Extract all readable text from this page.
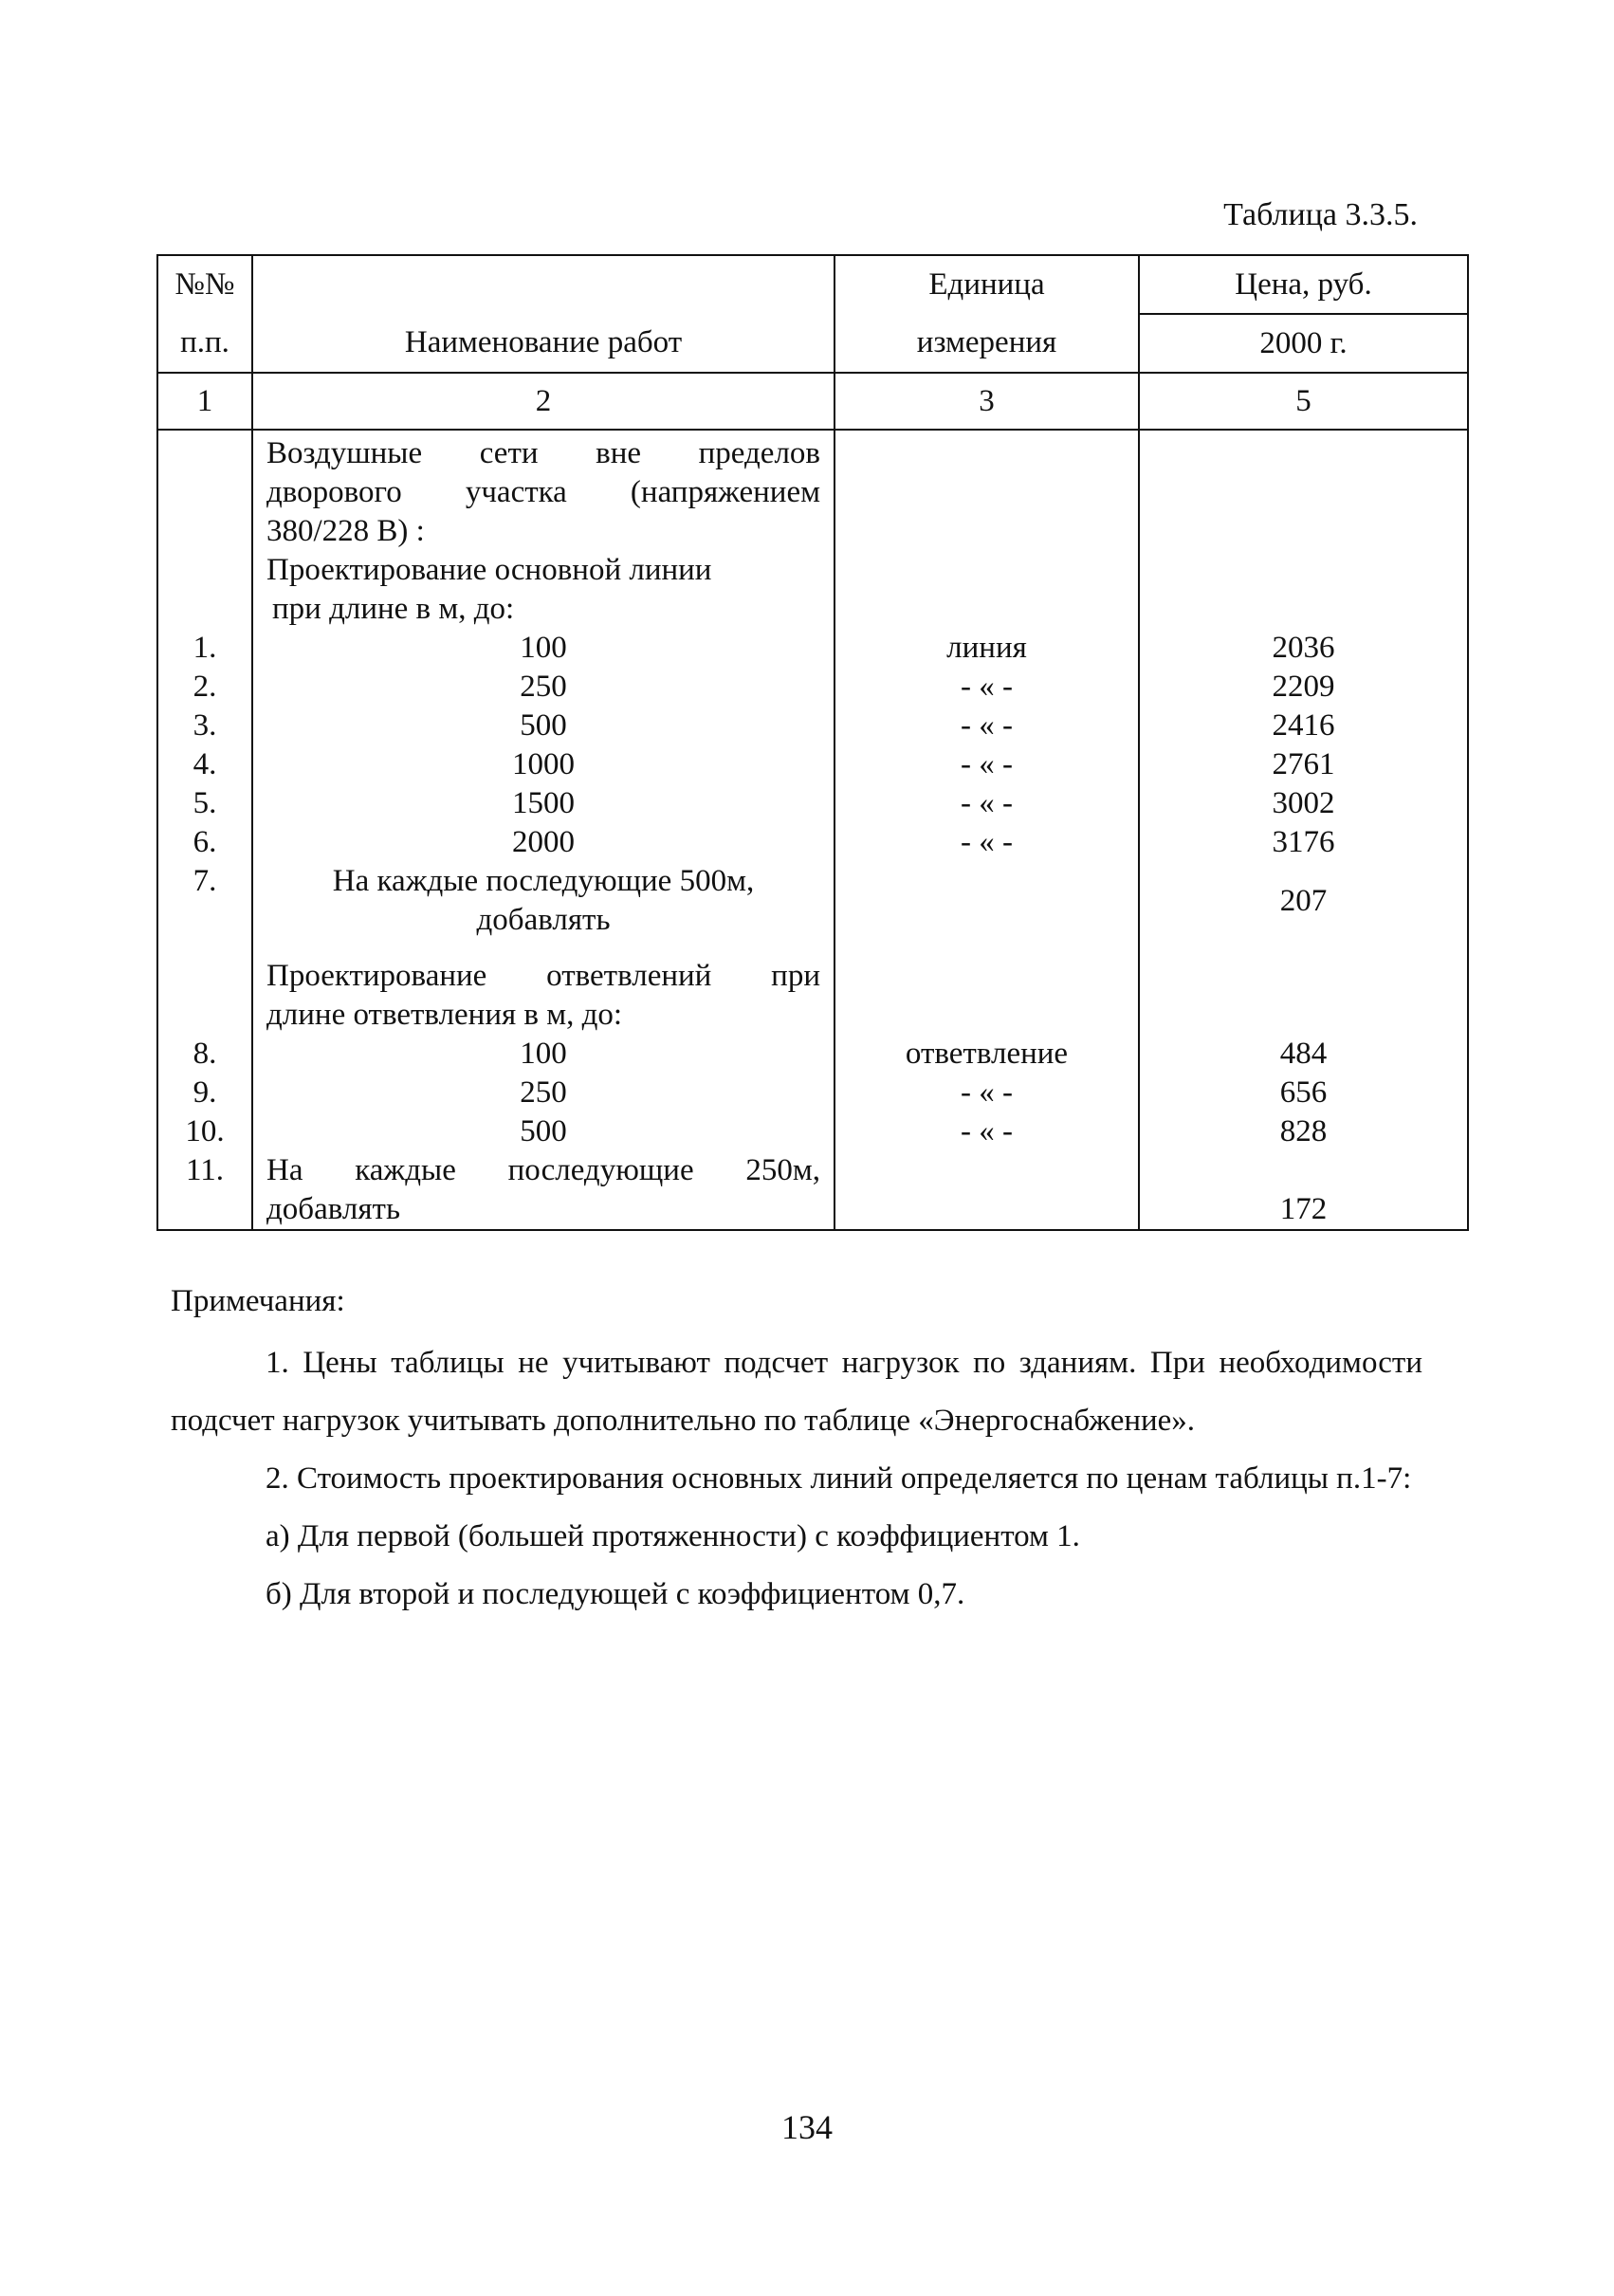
Таблица 3.3.5.
№№		Единица	Цена, руб.
п.п.	Наименование работ	измерения	2000 г.
1	2	3	5

	Воздушные сети вне пределов
дворового участка (напряжением
380/228 В) :
Проектирование основной линии
при длине в м, до:		

1.	100	линия	2036
2.	250	- « -	2209
3.	500	- « -	2416
4.	1000	- « -	2761
5.	1500	- « -	3002
6.	2000	- « -	3176
7.	На каждые последующие 500м,
добавлять		207

	Проектирование ответвлений при
длине ответвления в м, до:		

8.	100	ответвление	484
9.	250	- « -	656
10.	500	- « -	828
11.	На каждые последующие 250м,
добавлять		172

Примечания:

1. Цены таблицы не учитывают подсчет нагрузок по зданиям. При необходимости подсчет нагрузок учитывать дополнительно по таблице «Энергоснабжение».

2. Стоимость проектирования основных линий определяется по ценам таблицы п.1-7:

а) Для первой (большей протяженности) с коэффициентом 1.

б) Для второй и последующей с коэффициентом 0,7.

134
